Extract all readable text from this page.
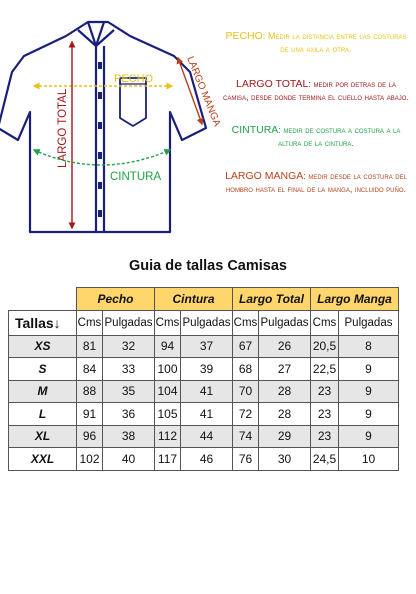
PECHO
LARGO TOTAL
CINTURA
LARGO MANGA
PECHO: Medir la distancia entre las costuras de una axila a otra.
LARGO TOTAL: medir por detras de la camisa, desde donde termina el cuello hasta abajo.
CINTURA: medir de costura a costura a la altura de la cintura.
LARGO MANGA: medir desde la costura del hombro hasta el final de la manga, incluido puño.
Guia de tallas Camisas
	Pecho		Cintura		Largo Total		Largo Manga	
Tallas↓	Cms	Pulgadas	Cms	Pulgadas	Cms	Pulgadas	Cms	Pulgadas
XS	81	32	94	37	67	26	20,5	8
S	84	33	100	39	68	27	22,5	9
M	88	35	104	41	70	28	23	9
L	91	36	105	41	72	28	23	9
XL	96	38	112	44	74	29	23	9
XXL	102	40	117	46	76	30	24,5	10
